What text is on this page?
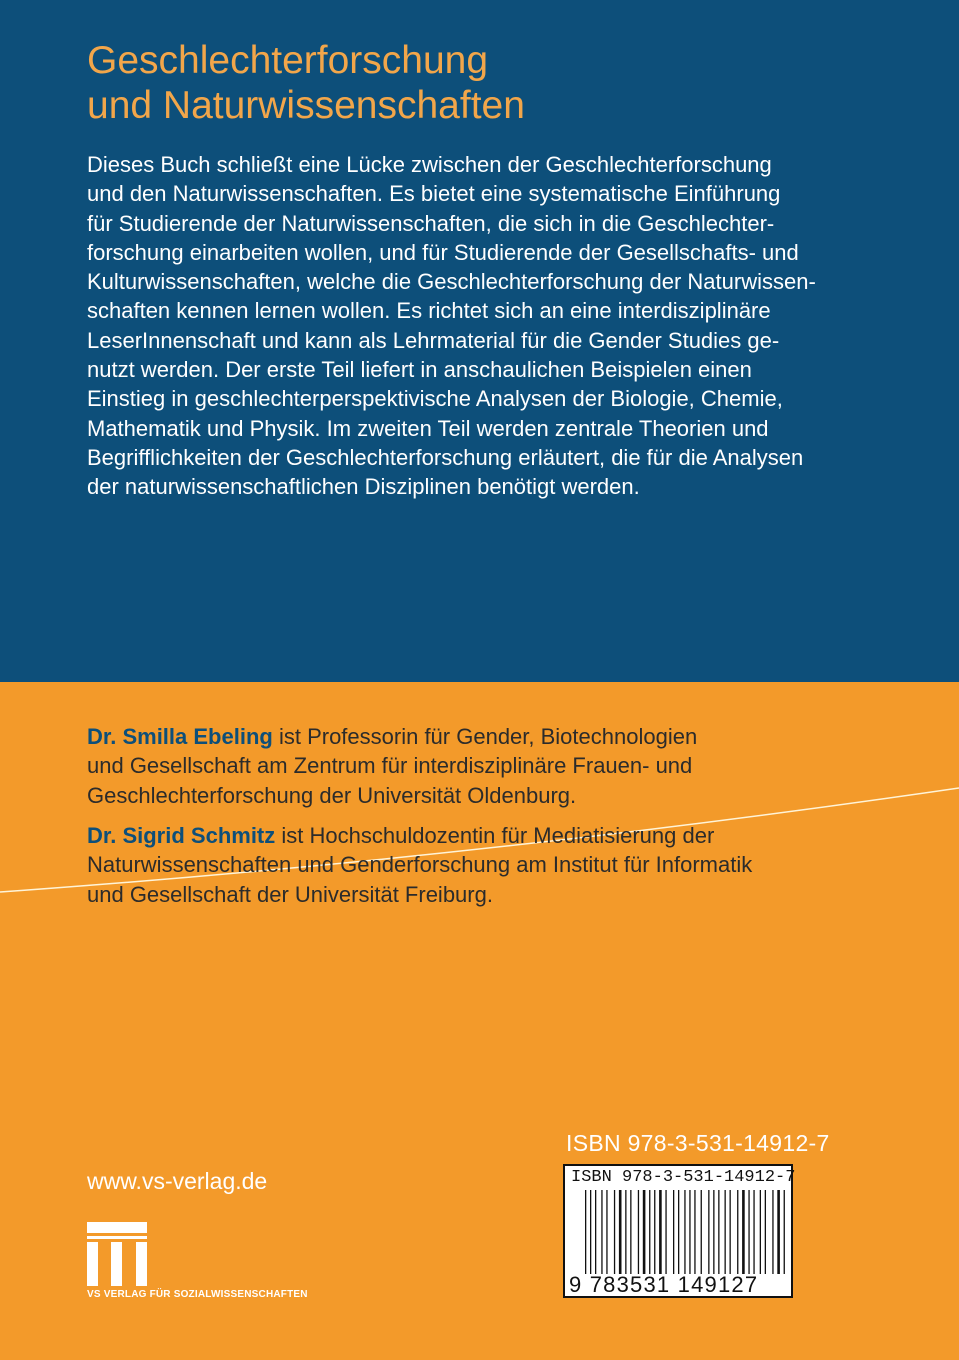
Geschlechterforschung
und Naturwissenschaften
Dieses Buch schließt eine Lücke zwischen der Geschlechterforschung
und den Naturwissenschaften. Es bietet eine systematische Einführung
für Studierende der Naturwissenschaften, die sich in die Geschlechter-
forschung einarbeiten wollen, und für Studierende der Gesellschafts- und
Kulturwissenschaften, welche die Geschlechterforschung der Naturwissen-
schaften kennen lernen wollen. Es richtet sich an eine interdisziplinäre
LeserInnenschaft und kann als Lehrmaterial für die Gender Studies ge-
nutzt werden. Der erste Teil liefert in anschaulichen Beispielen einen
Einstieg in geschlechterperspektivische Analysen der Biologie, Chemie,
Mathematik und Physik. Im zweiten Teil werden zentrale Theorien und
Begrifflichkeiten der Geschlechterforschung erläutert, die für die Analysen
der naturwissenschaftlichen Disziplinen benötigt werden.
Dr. Smilla Ebeling ist Professorin für Gender, Biotechnologien
und Gesellschaft am Zentrum für interdisziplinäre Frauen- und
Geschlechterforschung der Universität Oldenburg.
Dr. Sigrid Schmitz ist Hochschuldozentin für Mediatisierung der
Naturwissenschaften und Genderforschung am Institut für Informatik
und Gesellschaft der Universität Freiburg.
www.vs-verlag.de
VS VERLAG FÜR SOZIALWISSENSCHAFTEN
ISBN 978-3-531-14912-7
ISBN 978-3-531-14912-7
9 783531 149127
